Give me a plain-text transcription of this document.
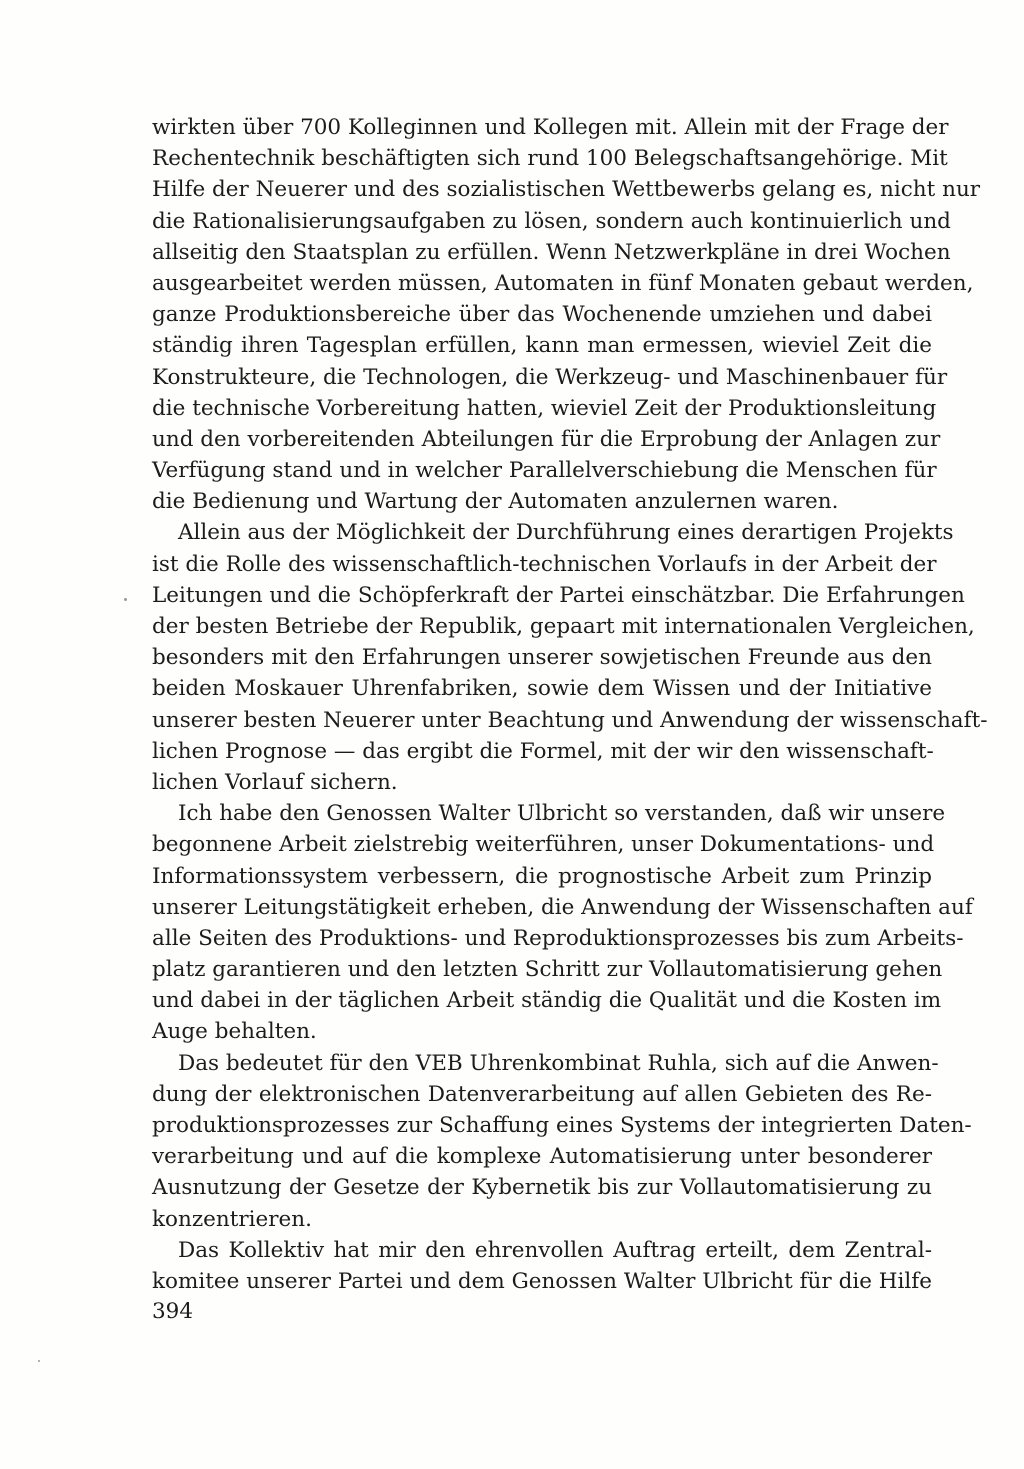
wirkten über 700 Kolleginnen und Kollegen mit. Allein mit der Frage der
Rechentechnik beschäftigten sich rund 100 Belegschaftsangehörige. Mit
Hilfe der Neuerer und des sozialistischen Wettbewerbs gelang es, nicht nur
die Rationalisierungsaufgaben zu lösen, sondern auch kontinuierlich und
allseitig den Staatsplan zu erfüllen. Wenn Netzwerkpläne in drei Wochen
ausgearbeitet werden müssen, Automaten in fünf Monaten gebaut werden,
ganze Produktionsbereiche über das Wochenende umziehen und dabei
ständig ihren Tagesplan erfüllen, kann man ermessen, wieviel Zeit die
Konstrukteure, die Technologen, die Werkzeug- und Maschinenbauer für
die technische Vorbereitung hatten, wieviel Zeit der Produktionsleitung
und den vorbereitenden Abteilungen für die Erprobung der Anlagen zur
Verfügung stand und in welcher Parallelverschiebung die Menschen für
die Bedienung und Wartung der Automaten anzulernen waren.
Allein aus der Möglichkeit der Durchführung eines derartigen Projekts
ist die Rolle des wissenschaftlich-technischen Vorlaufs in der Arbeit der
Leitungen und die Schöpferkraft der Partei einschätzbar. Die Erfahrungen
der besten Betriebe der Republik, gepaart mit internationalen Vergleichen,
besonders mit den Erfahrungen unserer sowjetischen Freunde aus den
beiden Moskauer Uhrenfabriken, sowie dem Wissen und der Initiative
unserer besten Neuerer unter Beachtung und Anwendung der wissenschaft-
lichen Prognose — das ergibt die Formel, mit der wir den wissenschaft-
lichen Vorlauf sichern.
Ich habe den Genossen Walter Ulbricht so verstanden, daß wir unsere
begonnene Arbeit zielstrebig weiterführen, unser Dokumentations- und
Informationssystem verbessern, die prognostische Arbeit zum Prinzip
unserer Leitungstätigkeit erheben, die Anwendung der Wissenschaften auf
alle Seiten des Produktions- und Reproduktionsprozesses bis zum Arbeits-
platz garantieren und den letzten Schritt zur Vollautomatisierung gehen
und dabei in der täglichen Arbeit ständig die Qualität und die Kosten im
Auge behalten.
Das bedeutet für den VEB Uhrenkombinat Ruhla, sich auf die Anwen-
dung der elektronischen Datenverarbeitung auf allen Gebieten des Re-
produktionsprozesses zur Schaffung eines Systems der integrierten Daten-
verarbeitung und auf die komplexe Automatisierung unter besonderer
Ausnutzung der Gesetze der Kybernetik bis zur Vollautomatisierung zu
konzentrieren.
Das Kollektiv hat mir den ehrenvollen Auftrag erteilt, dem Zentral-
komitee unserer Partei und dem Genossen Walter Ulbricht für die Hilfe
394
